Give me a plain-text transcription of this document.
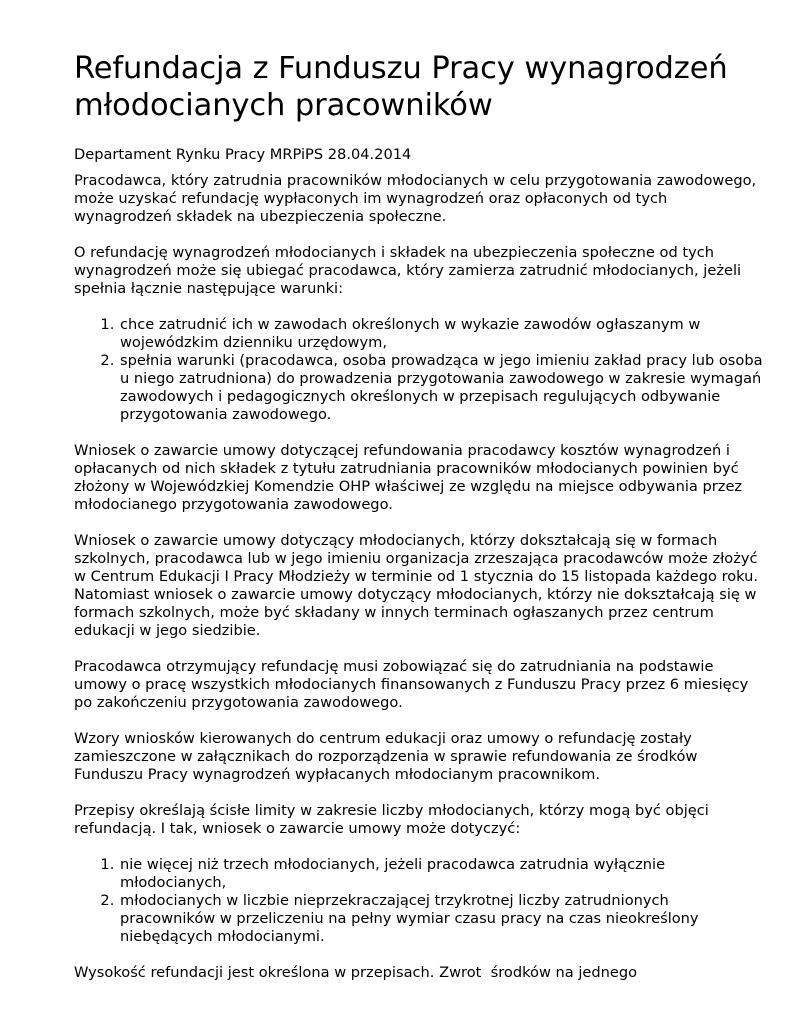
Refundacja z Funduszu Pracy wynagrodzeń młodocianych pracowników
Departament Rynku Pracy MRPiPS 28.04.2014

Pracodawca, który zatrudnia pracowników młodocianych w celu przygotowania zawodowego, może uzyskać refundację wypłaconych im wynagrodzeń oraz opłaconych od tych wynagrodzeń składek na ubezpieczenia społeczne.

O refundację wynagrodzeń młodocianych i składek na ubezpieczenia społeczne od tych wynagrodzeń może się ubiegać pracodawca, który zamierza zatrudnić młodocianych, jeżeli spełnia łącznie następujące warunki:

1. chce zatrudnić ich w zawodach określonych w wykazie zawodów ogłaszanym w wojewódzkim dzienniku urzędowym,
2. spełnia warunki (pracodawca, osoba prowadząca w jego imieniu zakład pracy lub osoba u niego zatrudniona) do prowadzenia przygotowania zawodowego w zakresie wymagań zawodowych i pedagogicznych określonych w przepisach regulujących odbywanie przygotowania zawodowego.

Wniosek o zawarcie umowy dotyczącej refundowania pracodawcy kosztów wynagrodzeń i opłacanych od nich składek z tytułu zatrudniania pracowników młodocianych powinien być złożony w Wojewódzkiej Komendzie OHP właściwej ze względu na miejsce odbywania przez młodocianego przygotowania zawodowego.

Wniosek o zawarcie umowy dotyczący młodocianych, którzy dokształcają się w formach szkolnych, pracodawca lub w jego imieniu organizacja zrzeszająca pracodawców może złożyć w Centrum Edukacji I Pracy Młodzieży w terminie od 1 stycznia do 15 listopada każdego roku. Natomiast wniosek o zawarcie umowy dotyczący młodocianych, którzy nie dokształcają się w formach szkolnych, może być składany w innych terminach ogłaszanych przez centrum edukacji w jego siedzibie.

Pracodawca otrzymujący refundację musi zobowiązać się do zatrudniania na podstawie umowy o pracę wszystkich młodocianych finansowanych z Funduszu Pracy przez 6 miesięcy po zakończeniu przygotowania zawodowego.

Wzory wniosków kierowanych do centrum edukacji oraz umowy o refundację zostały zamieszczone w załącznikach do rozporządzenia w sprawie refundowania ze środków Funduszu Pracy wynagrodzeń wypłacanych młodocianym pracownikom.

Przepisy określają ścisłe limity w zakresie liczby młodocianych, którzy mogą być objęci refundacją. I tak, wniosek o zawarcie umowy może dotyczyć:

1. nie więcej niż trzech młodocianych, jeżeli pracodawca zatrudnia wyłącznie młodocianych,
2. młodocianych w liczbie nieprzekraczającej trzykrotnej liczby zatrudnionych pracowników w przeliczeniu na pełny wymiar czasu pracy na czas nieokreślony niebędących młodocianymi.

Wysokość refundacji jest określona w przepisach. Zwrot  środków na jednego
